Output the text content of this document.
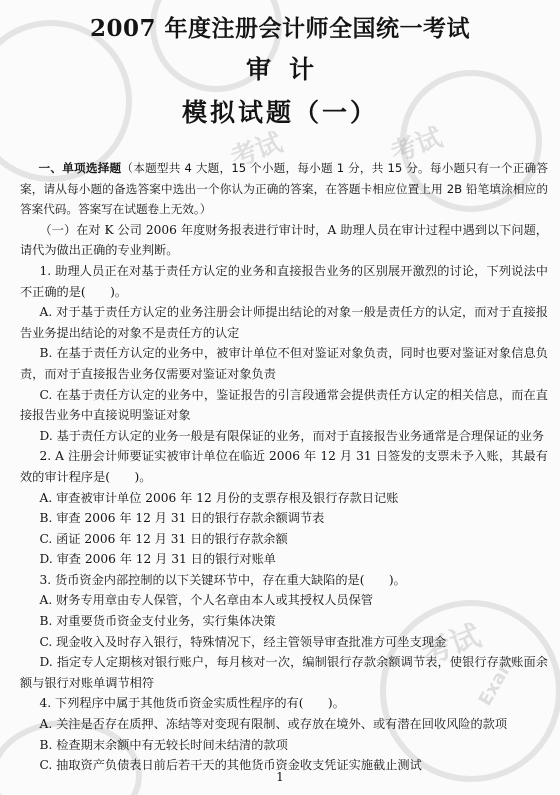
考试	考试
考试
Exam
2007 年度注册会计师全国统一考试
审计
模拟试题（一）

一、单项选择题（本题型共 4 大题，15 个小题，每小题 1 分，共 15 分。每小题只有一个正确答案，请从每小题的备选答案中选出一个你认为正确的答案，在答题卡相应位置上用 2B 铅笔填涂相应的答案代码。答案写在试题卷上无效。）

（一）在对 K 公司 2006 年度财务报表进行审计时，A 助理人员在审计过程中遇到以下问题，请代为做出正确的专业判断。

1. 助理人员正在对基于责任方认定的业务和直接报告业务的区别展开激烈的讨论，下列说法中不正确的是(　　)。

A. 对于基于责任方认定的业务注册会计师提出结论的对象一般是责任方的认定，而对于直接报告业务提出结论的对象不是责任方的认定

B. 在基于责任方认定的业务中，被审计单位不但对鉴证对象负责，同时也要对鉴证对象信息负责，而对于直接报告业务仅需要对鉴证对象负责

C. 在基于责任方认定的业务中，鉴证报告的引言段通常会提供责任方认定的相关信息，而在直接报告业务中直接说明鉴证对象

D. 基于责任方认定的业务一般是有限保证的业务，而对于直接报告业务通常是合理保证的业务

2. A 注册会计师要证实被审计单位在临近 2006 年 12 月 31 日签发的支票未予入账，其最有效的审计程序是(　　)。

A. 审查被审计单位 2006 年 12 月份的支票存根及银行存款日记账

B. 审查 2006 年 12 月 31 日的银行存款余额调节表

C. 函证 2006 年 12 月 31 日的银行存款余额

D. 审查 2006 年 12 月 31 日的银行对账单

3. 货币资金内部控制的以下关键环节中，存在重大缺陷的是(　　)。

A. 财务专用章由专人保管，个人名章由本人或其授权人员保管

B. 对重要货币资金支付业务，实行集体决策

C. 现金收入及时存入银行，特殊情况下，经主管领导审查批准方可坐支现金

D. 指定专人定期核对银行账户，每月核对一次，编制银行存款余额调节表，使银行存款账面余额与银行对账单调节相符

4. 下列程序中属于其他货币资金实质性程序的有(　　)。

A. 关注是否存在质押、冻结等对变现有限制、或存放在境外、或有潜在回收风险的款项

B. 检查期末余额中有无较长时间未结清的款项

C. 抽取资产负债表日前后若干天的其他货币资金收支凭证实施截止测试

1
